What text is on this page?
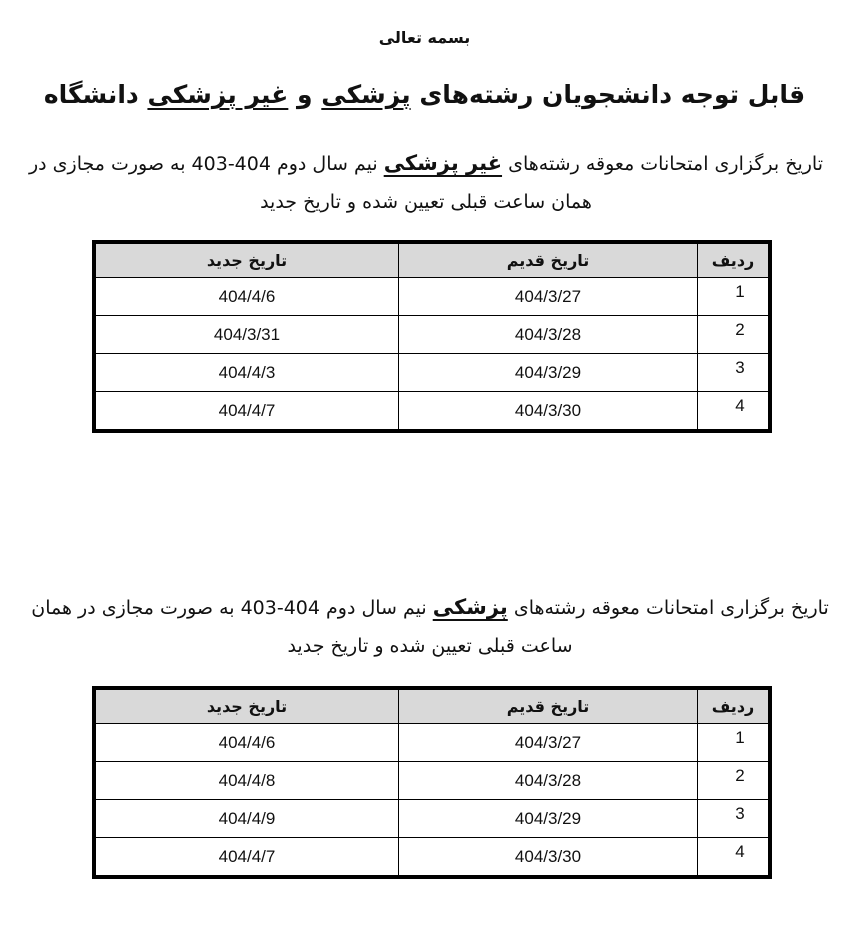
بسمه تعالی
قابل توجه دانشجویان رشته‌های پزشکی و غیر پزشکی دانشگاه
تاریخ برگزاری امتحانات معوقه رشته‌های غیر پزشکی نیم سال دوم 404-403 به صورت مجازی در همان ساعت قبلی تعیین شده و تاریخ جدید
ردیف	تاریخ قدیم	تاریخ جدید
1	404/3/27	404/4/6
2	404/3/28	404/3/31
3	404/3/29	404/4/3
4	404/3/30	404/4/7
تاریخ برگزاری امتحانات معوقه رشته‌های پزشکی نیم سال دوم 404-403 به صورت مجازی در همان ساعت قبلی تعیین شده و تاریخ جدید
ردیف	تاریخ قدیم	تاریخ جدید
1	404/3/27	404/4/6
2	404/3/28	404/4/8
3	404/3/29	404/4/9
4	404/3/30	404/4/7
